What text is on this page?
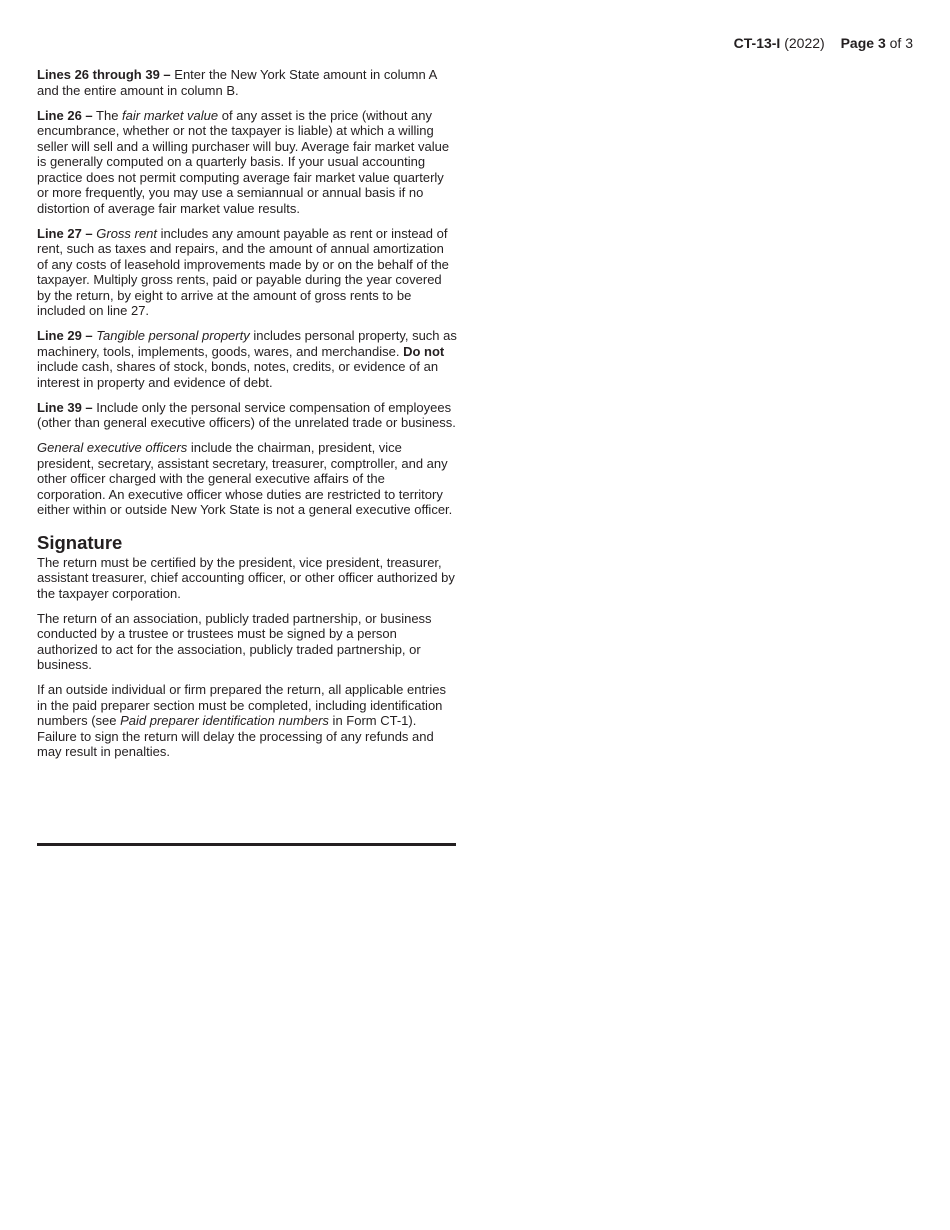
CT-13-I (2022) Page 3 of 3

Lines 26 through 39 – Enter the New York State amount in column A and the entire amount in column B.

Line 26 – The fair market value of any asset is the price (without any encumbrance, whether or not the taxpayer is liable) at which a willing seller will sell and a willing purchaser will buy. Average fair market value is generally computed on a quarterly basis. If your usual accounting practice does not permit computing average fair market value quarterly or more frequently, you may use a semiannual or annual basis if no distortion of average fair market value results.

Line 27 – Gross rent includes any amount payable as rent or instead of rent, such as taxes and repairs, and the amount of annual amortization of any costs of leasehold improvements made by or on the behalf of the taxpayer. Multiply gross rents, paid or payable during the year covered by the return, by eight to arrive at the amount of gross rents to be included on line 27.

Line 29 – Tangible personal property includes personal property, such as machinery, tools, implements, goods, wares, and merchandise. Do not include cash, shares of stock, bonds, notes, credits, or evidence of an interest in property and evidence of debt.

Line 39 – Include only the personal service compensation of employees (other than general executive officers) of the unrelated trade or business.

General executive officers include the chairman, president, vice president, secretary, assistant secretary, treasurer, comptroller, and any other officer charged with the general executive affairs of the corporation. An executive officer whose duties are restricted to territory either within or outside New York State is not a general executive officer.

Signature

The return must be certified by the president, vice president, treasurer, assistant treasurer, chief accounting officer, or other officer authorized by the taxpayer corporation.

The return of an association, publicly traded partnership, or business conducted by a trustee or trustees must be signed by a person authorized to act for the association, publicly traded partnership, or business.

If an outside individual or firm prepared the return, all applicable entries in the paid preparer section must be completed, including identification numbers (see Paid preparer identification numbers in Form CT-1). Failure to sign the return will delay the processing of any refunds and may result in penalties.
